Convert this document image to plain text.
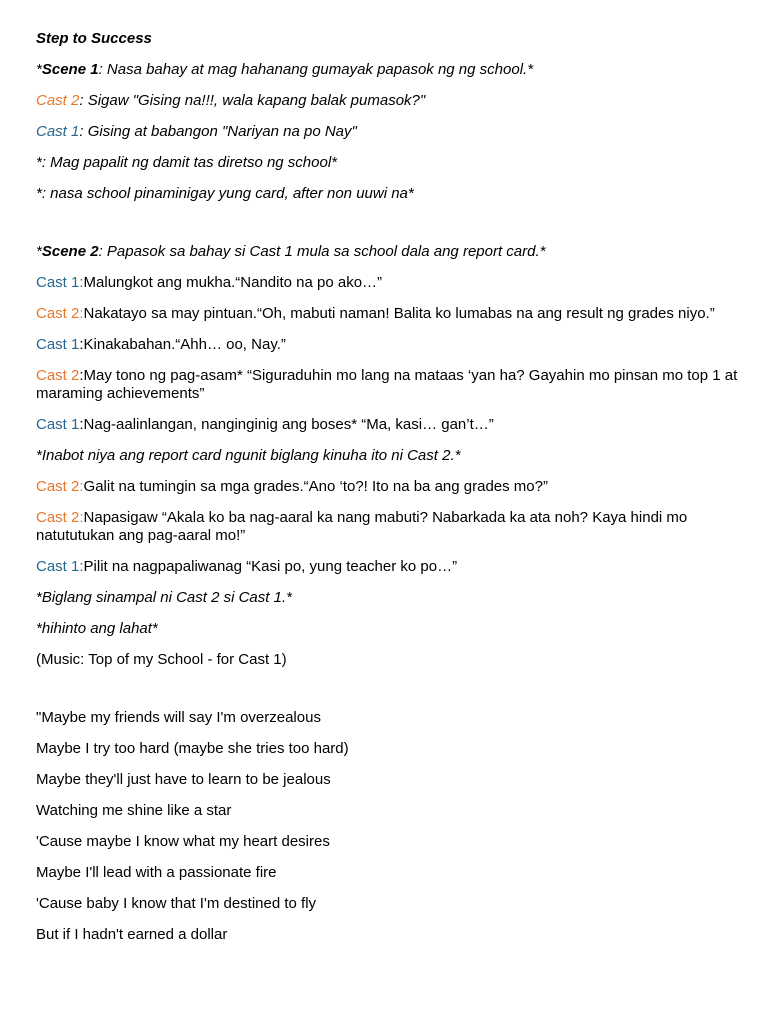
Step to Success

*Scene 1: Nasa bahay at mag hahanang gumayak papasok ng ng school.*

Cast 2: Sigaw "Gising na!!!, wala kapang balak pumasok?"

Cast 1: Gising at babangon "Nariyan na po Nay"

*: Mag papalit ng damit tas diretso ng school*

*: nasa school pinaminigay yung card, after non uuwi na*

*Scene 2: Papasok sa bahay si Cast 1 mula sa school dala ang report card.*

Cast 1:Malungkot ang mukha.“Nandito na po ako…”

Cast 2:Nakatayo sa may pintuan.“Oh, mabuti naman! Balita ko lumabas na ang result ng grades niyo.”

Cast 1:Kinakabahan.“Ahh… oo, Nay.”

Cast 2:May tono ng pag-asam* “Siguraduhin mo lang na mataas ‘yan ha? Gayahin mo pinsan mo top 1 at maraming achievements”

Cast 1:Nag-aalinlangan, nanginginig ang boses* “Ma, kasi… gan’t…”

*Inabot niya ang report card ngunit biglang kinuha ito ni Cast 2.*

Cast 2:Galit na tumingin sa mga grades.“Ano ‘to?! Ito na ba ang grades mo?”

Cast 2:Napasigaw “Akala ko ba nag-aaral ka nang mabuti? Nabarkada ka ata noh? Kaya hindi mo natututukan ang pag-aaral mo!”

Cast 1:Pilit na nagpapaliwanag “Kasi po, yung teacher ko po…”

*Biglang sinampal ni Cast 2 si Cast 1.*

*hihinto ang lahat*

(Music: Top of my School - for Cast 1)

"Maybe my friends will say I'm overzealous

Maybe I try too hard (maybe she tries too hard)

Maybe they'll just have to learn to be jealous

Watching me shine like a star

'Cause maybe I know what my heart desires

Maybe I'll lead with a passionate fire

'Cause baby I know that I'm destined to fly

But if I hadn't earned a dollar
